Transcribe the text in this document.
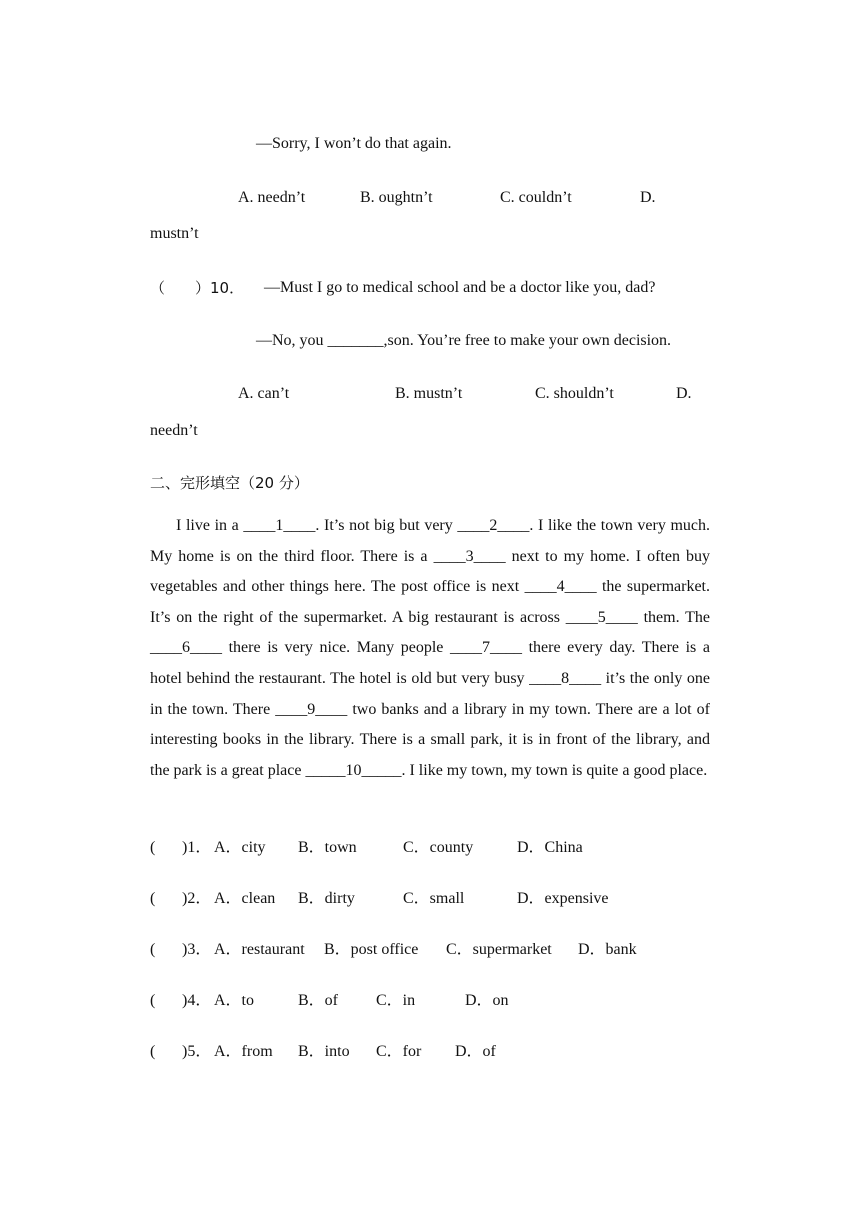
—Sorry, I won’t do that again.
A. needn’t	B. oughtn’t	C. couldn’t	D.
mustn’t
（　　）10． —Must I go to medical school and be a doctor like you, dad?
—No, you _______,son. You’re free to make your own decision.
A. can’t	B. mustn’t	C. shouldn’t	D.
needn’t
二、完形填空（20 分）
I live in a ____1____. It’s not big but very ____2____. I like the town very much. My home is on the third floor. There is a ____3____ next to my home. I often buy vegetables and other things here. The post office is next ____4____ the supermarket. It’s on the right of the supermarket. A big restaurant is across ____5____ them. The ____6____ there is very nice. Many people ____7____ there every day. There is a hotel behind the restaurant. The hotel is old but very busy ____8____ it’s the only one in the town. There ____9____ two banks and a library in my town. There are a lot of interesting books in the library. There is a small park, it is in front of the library, and the park is a great place _____10_____. I like my town, my town is quite a good place.
( )1． A．city B．town	C．county	D．China
( )2． A．clean B．dirty	C．small	D．expensive
( )3． A．restaurant B．post office C．supermarket D．bank
( )4． A．to	B．of C．in	D．on
( )5． A．from B．into C．for D．of
